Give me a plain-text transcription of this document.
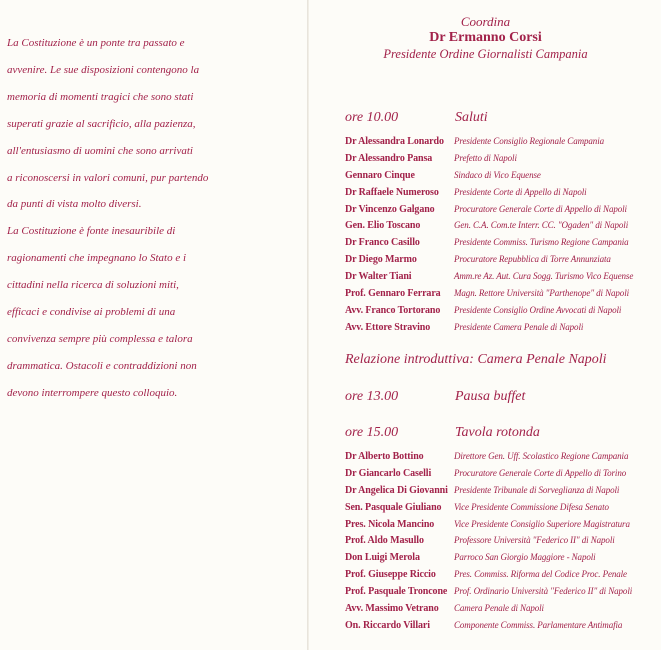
La Costituzione è un ponte tra passato e

avvenire. Le sue disposizioni contengono la

memoria di momenti tragici che sono stati

superati grazie al sacrificio, alla pazienza,

all'entusiasmo di uomini che sono arrivati

a riconoscersi in valori comuni, pur partendo

da punti di vista molto diversi.

La Costituzione è fonte inesauribile di

ragionamenti che impegnano lo Stato e i

cittadini nella ricerca di soluzioni miti,

efficaci e condivise ai problemi di una

convivenza sempre più complessa e talora

drammatica. Ostacoli e contraddizioni non

devono interrompere questo colloquio.

Coordina
Dr Ermanno Corsi
Presidente Ordine Giornalisti Campania
ore 10.00	Saluti
Dr Alessandra Lonardo Presidente Consiglio Regionale Campania
Dr Alessandro Pansa Prefetto di Napoli
Gennaro Cinque	Sindaco di Vico Equense
Dr Raffaele Numeroso Presidente Corte di Appello di Napoli
Dr Vincenzo Galgano Procuratore Generale Corte di Appello di Napoli
Gen. Elio Toscano	Gen. C.A. Com.te Interr. CC. "Ogaden" di Napoli
Dr Franco Casillo	Presidente Commiss. Turismo Regione Campania
Dr Diego Marmo	Procuratore Repubblica di Torre Annunziata
Dr Walter Tiani	Amm.re Az. Aut. Cura Sogg. Turismo Vico Equense
Prof. Gennaro Ferrara Magn. Rettore Università "Parthenope" di Napoli
Avv. Franco Tortorano Presidente Consiglio Ordine Avvocati di Napoli
Avv. Ettore Stravino	Presidente Camera Penale di Napoli
Relazione introduttiva: Camera Penale Napoli
ore 13.00	Pausa buffet
ore 15.00	Tavola rotonda
Dr Alberto Bottino	Direttore Gen. Uff. Scolastico Regione Campania
Dr Giancarlo Caselli	Procuratore Generale Corte di Appello di Torino
Dr Angelica Di Giovanni Presidente Tribunale di Sorveglianza di Napoli
Sen. Pasquale Giuliano Vice Presidente Commissione Difesa Senato
Pres. Nicola Mancino Vice Presidente Consiglio Superiore Magistratura
Prof. Aldo Masullo	Professore Università "Federico II" di Napoli
Don Luigi Merola	Parroco San Giorgio Maggiore - Napoli
Prof. Giuseppe Riccio Pres. Commiss. Riforma del Codice Proc. Penale
Prof. Pasquale Troncone Prof. Ordinario Università "Federico II" di Napoli
Avv. Massimo Vetrano Camera Penale di Napoli
On. Riccardo Villari	Componente Commiss. Parlamentare Antimafia
